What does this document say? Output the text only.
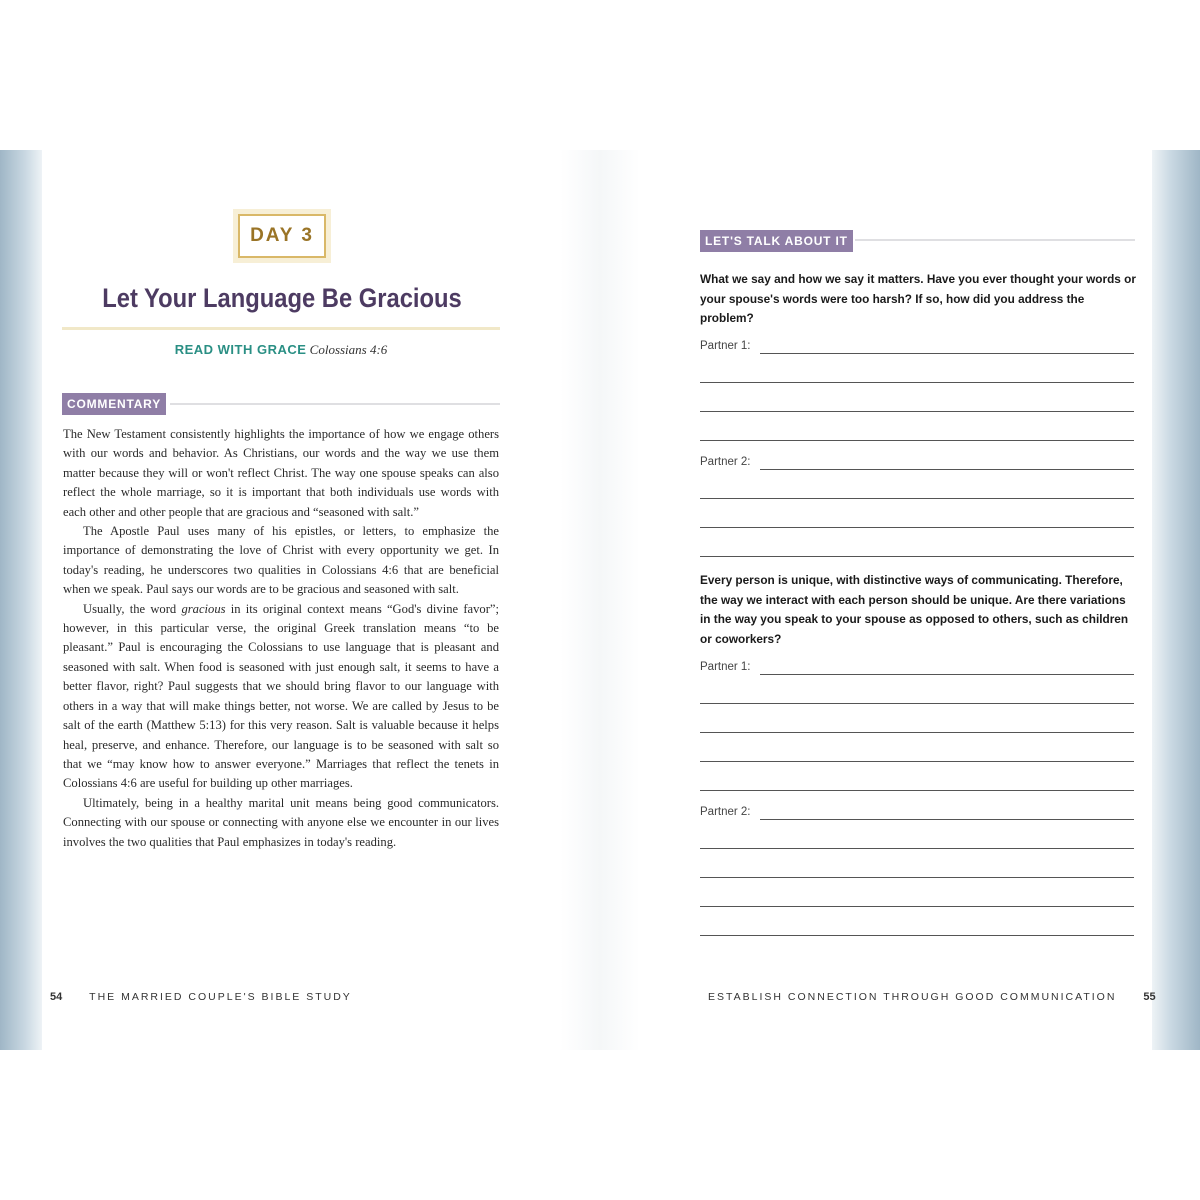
DAY 3
Let Your Language Be Gracious
READ WITH GRACE Colossians 4:6
COMMENTARY

The New Testament consistently highlights the importance of how we engage others with our words and behavior. As Christians, our words and the way we use them matter because they will or won't reflect Christ. The way one spouse speaks can also reflect the whole marriage, so it is important that both individuals use words with each other and other people that are gracious and “seasoned with salt.”

The Apostle Paul uses many of his epistles, or letters, to emphasize the importance of demonstrating the love of Christ with every opportunity we get. In today's reading, he underscores two qualities in Colossians 4:6 that are beneficial when we speak. Paul says our words are to be gracious and seasoned with salt.

Usually, the word gracious in its original context means “God's divine favor”; however, in this particular verse, the original Greek translation means “to be pleasant.” Paul is encouraging the Colossians to use language that is pleasant and seasoned with salt. When food is seasoned with just enough salt, it seems to have a better flavor, right? Paul suggests that we should bring flavor to our language with others in a way that will make things better, not worse. We are called by Jesus to be salt of the earth (Matthew 5:13) for this very reason. Salt is valuable because it helps heal, preserve, and enhance. Therefore, our language is to be seasoned with salt so that we “may know how to answer everyone.” Marriages that reflect the tenets in Colossians 4:6 are useful for building up other marriages.

Ultimately, being in a healthy marital unit means being good communicators. Connecting with our spouse or connecting with anyone else we encounter in our lives involves the two qualities that Paul emphasizes in today's reading.

54	THE MARRIED COUPLE'S BIBLE STUDY
LET'S TALK ABOUT IT
What we say and how we say it matters. Have you ever thought your words or your spouse's words were too harsh? If so, how did you address the problem?
Partner 1:
Partner 2:
Every person is unique, with distinctive ways of communicating. Therefore, the way we interact with each person should be unique. Are there variations in the way you speak to your spouse as opposed to others, such as children or coworkers?
Partner 1:
Partner 2:
ESTABLISH CONNECTION THROUGH GOOD COMMUNICATION 55
